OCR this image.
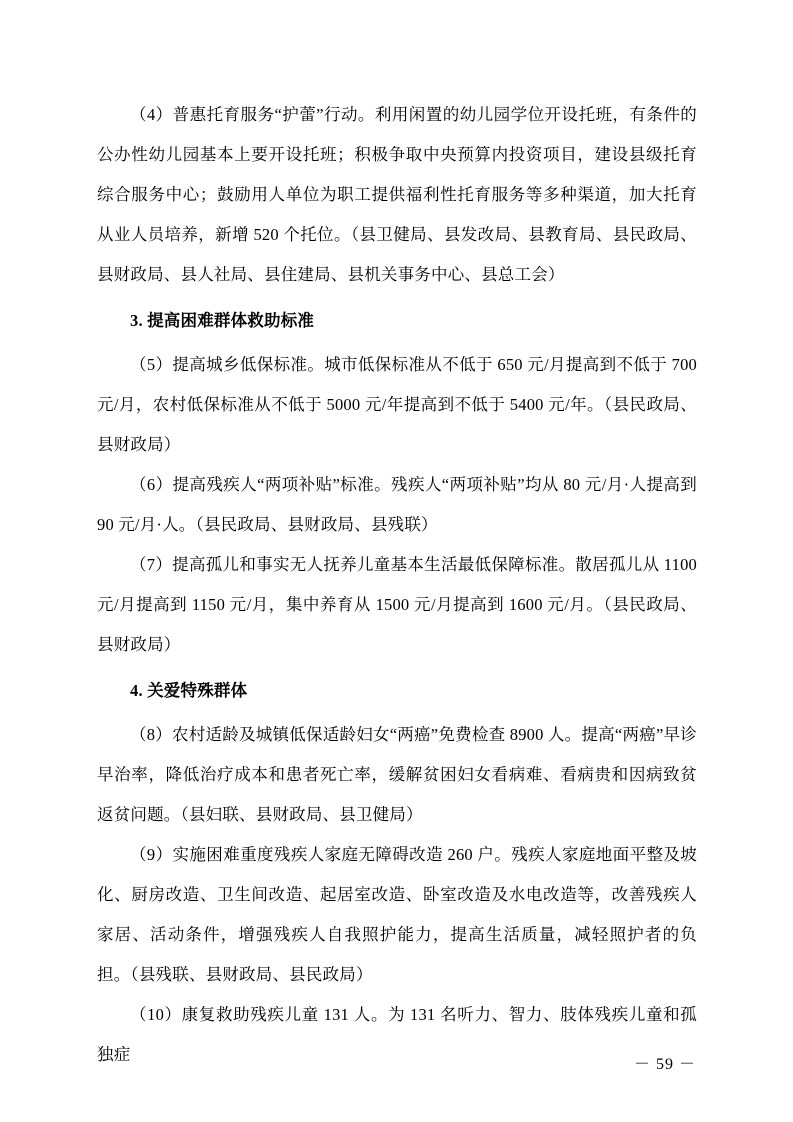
（4）普惠托育服务“护蕾”行动。利用闲置的幼儿园学位开设托班，有条件的公办性幼儿园基本上要开设托班；积极争取中央预算内投资项目，建设县级托育综合服务中心；鼓励用人单位为职工提供福利性托育服务等多种渠道，加大托育从业人员培养，新增 520 个托位。（县卫健局、县发改局、县教育局、县民政局、县财政局、县人社局、县住建局、县机关事务中心、县总工会）

3. 提高困难群体救助标准

（5）提高城乡低保标准。城市低保标准从不低于 650 元/月提高到不低于 700 元/月，农村低保标准从不低于 5000 元/年提高到不低于 5400 元/年。（县民政局、县财政局）

（6）提高残疾人“两项补贴”标准。残疾人“两项补贴”均从 80 元/月·人提高到 90 元/月·人。（县民政局、县财政局、县残联）

（7）提高孤儿和事实无人抚养儿童基本生活最低保障标准。散居孤儿从 1100 元/月提高到 1150 元/月，集中养育从 1500 元/月提高到 1600 元/月。（县民政局、县财政局）

4. 关爱特殊群体

（8）农村适龄及城镇低保适龄妇女“两癌”免费检查 8900 人。提高“两癌”早诊早治率，降低治疗成本和患者死亡率，缓解贫困妇女看病难、看病贵和因病致贫返贫问题。（县妇联、县财政局、县卫健局）

（9）实施困难重度残疾人家庭无障碍改造 260 户。残疾人家庭地面平整及坡化、厨房改造、卫生间改造、起居室改造、卧室改造及水电改造等，改善残疾人家居、活动条件，增强残疾人自我照护能力，提高生活质量，减轻照护者的负担。（县残联、县财政局、县民政局）

（10）康复救助残疾儿童 131 人。为 131 名听力、智力、肢体残疾儿童和孤独症

－ 59 －
